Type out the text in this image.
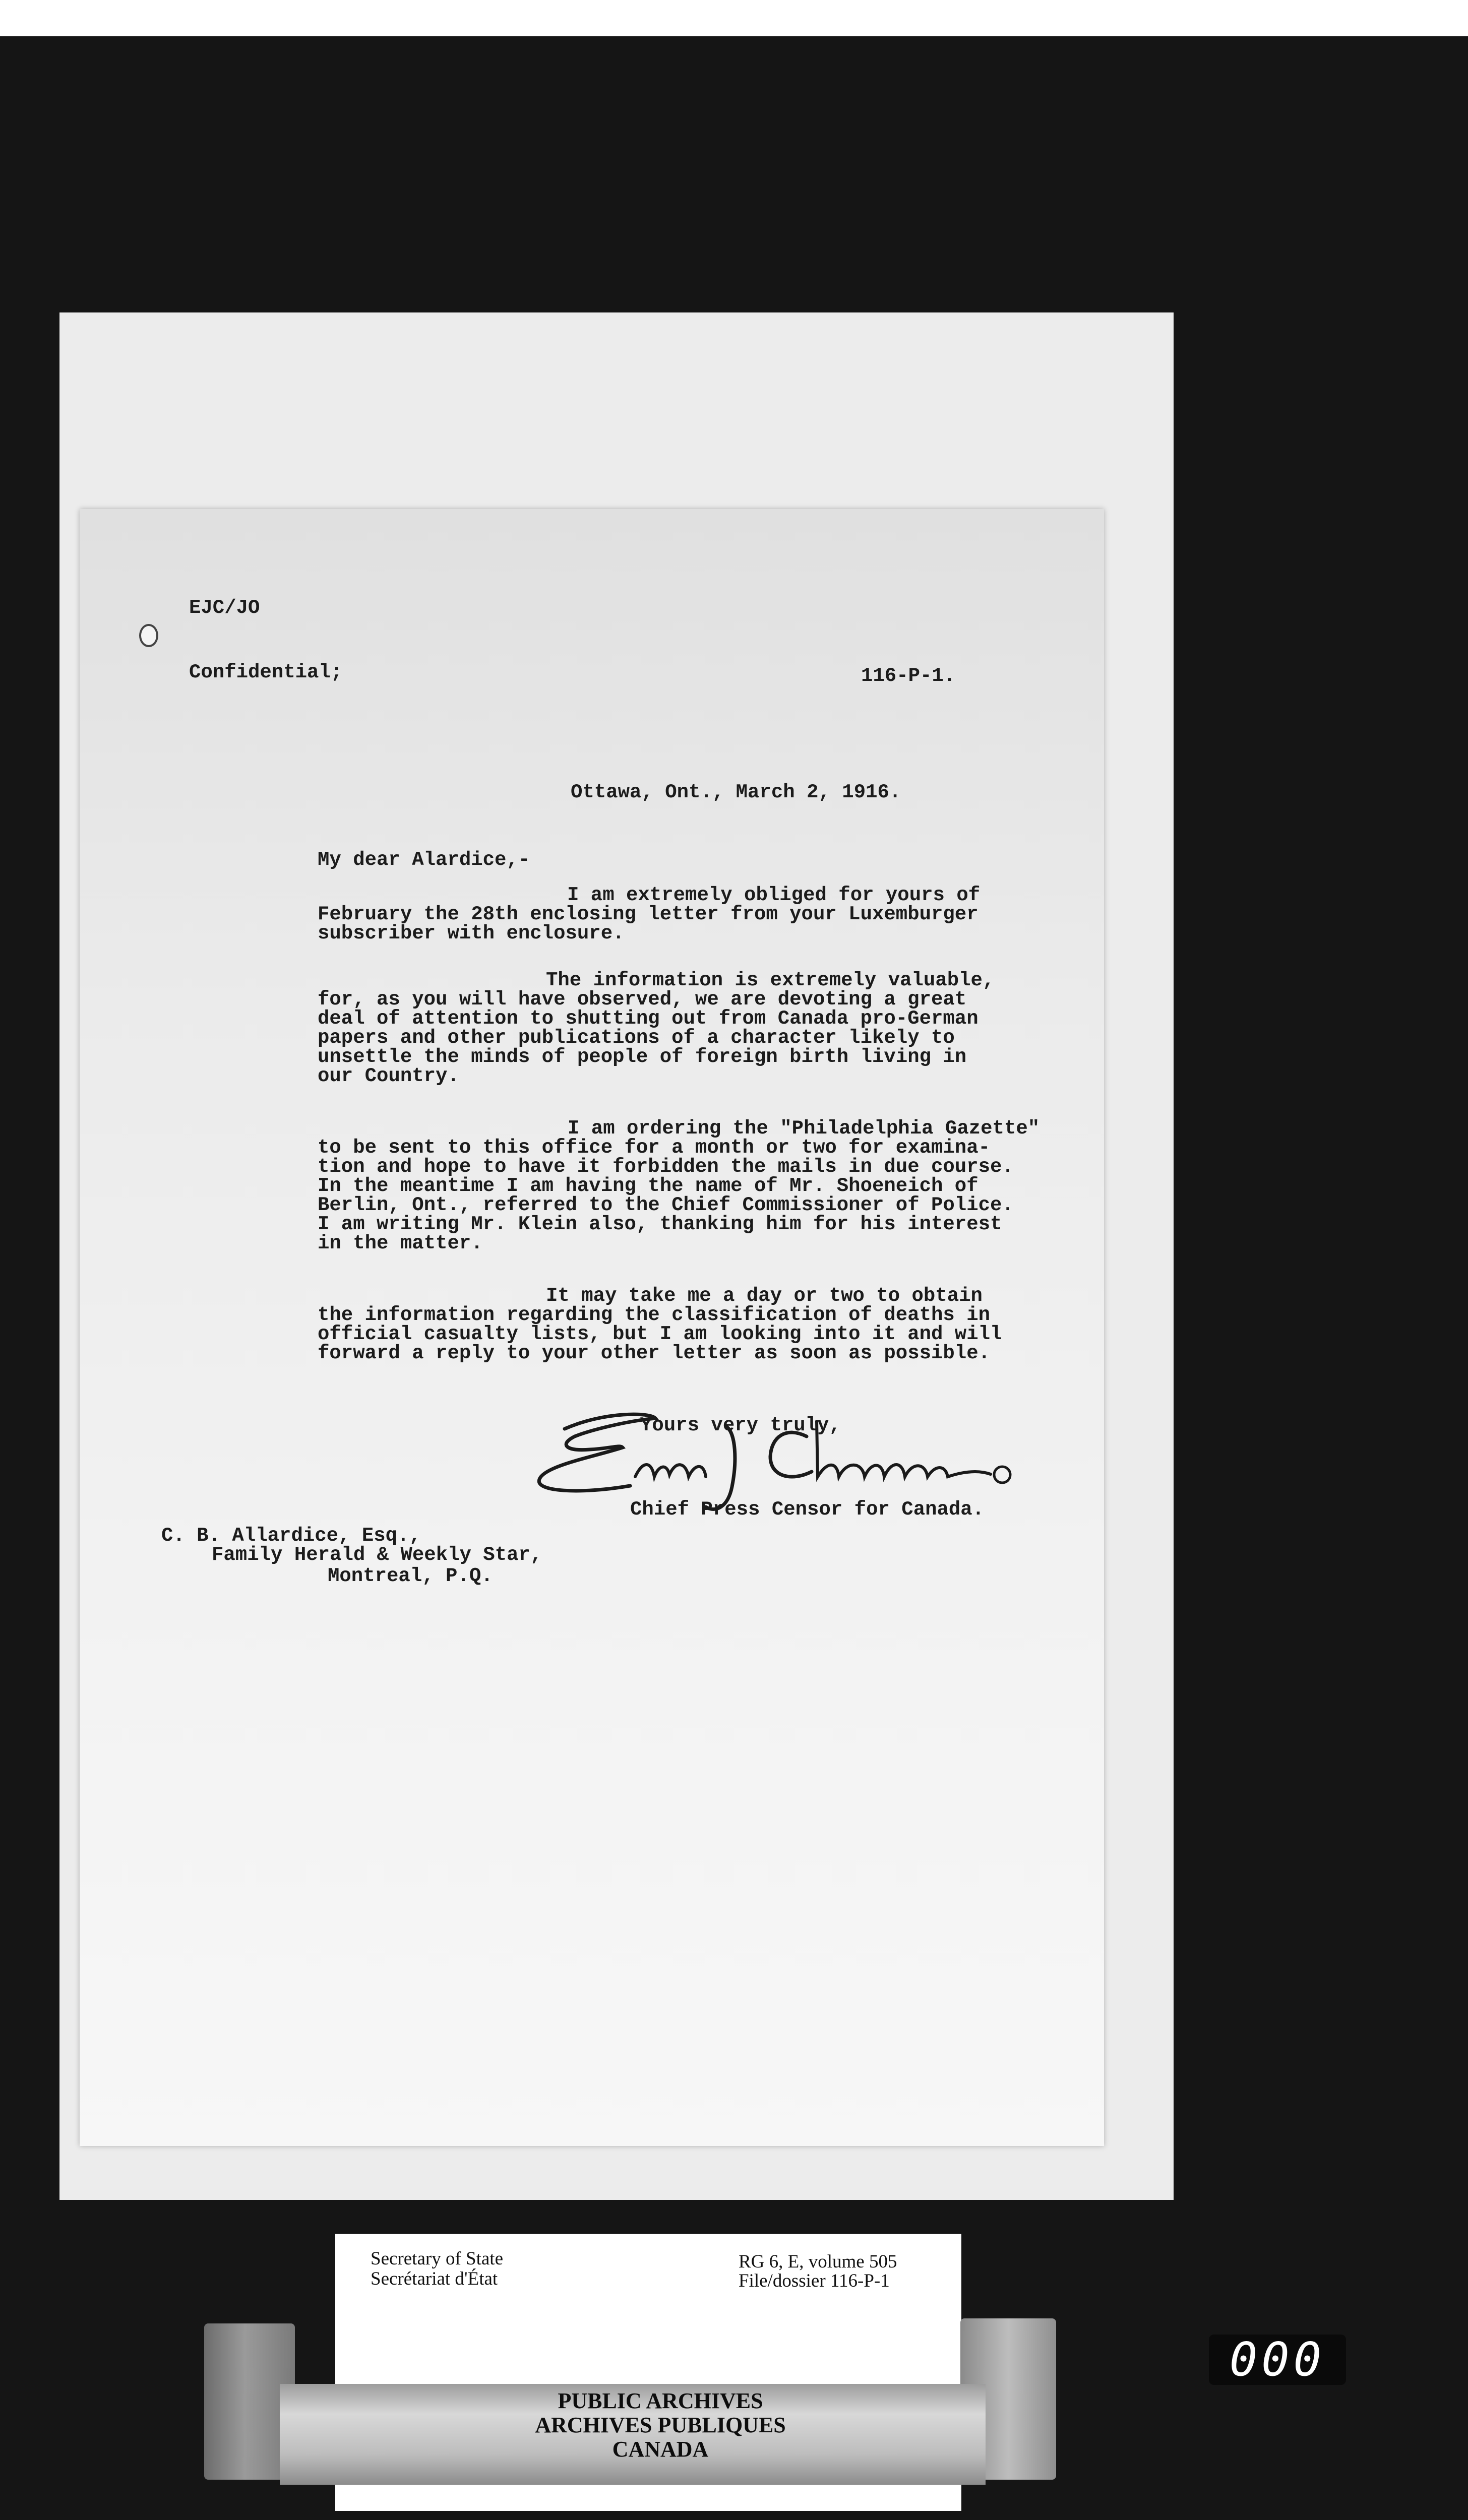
EJC/JO
Confidential;	116-P-1.
Ottawa, Ont., March 2, 1916.
My dear Alardice,-
I am extremely obliged for yours of
February the 28th enclosing letter from your Luxemburger
subscriber with enclosure.
The information is extremely valuable,
for, as you will have observed, we are devoting a great
deal of attention to shutting out from Canada pro-German
papers and other publications of a character likely to
unsettle the minds of people of foreign birth living in
our Country.
I am ordering the "Philadelphia Gazette"
to be sent to this office for a month or two for examina-
tion and hope to have it forbidden the mails in due course.
In the meantime I am having the name of Mr. Shoeneich of
Berlin, Ont., referred to the Chief Commissioner of Police.
I am writing Mr. Klein also, thanking him for his interest
in the matter.
It may take me a day or two to obtain
the information regarding the classification of deaths in
official casualty lists, but I am looking into it and will
forward a reply to your other letter as soon as possible.
Yours very truly,
Chief Press Censor for Canada.
C. B. Allardice, Esq.,
Family Herald & Weekly Star,
Montreal, P.Q.
Secretary of State
Secrétariat d'État
RG 6, E, volume 505
File/dossier 116-P-1
PUBLIC ARCHIVES
ARCHIVES PUBLIQUES
CANADA
000
